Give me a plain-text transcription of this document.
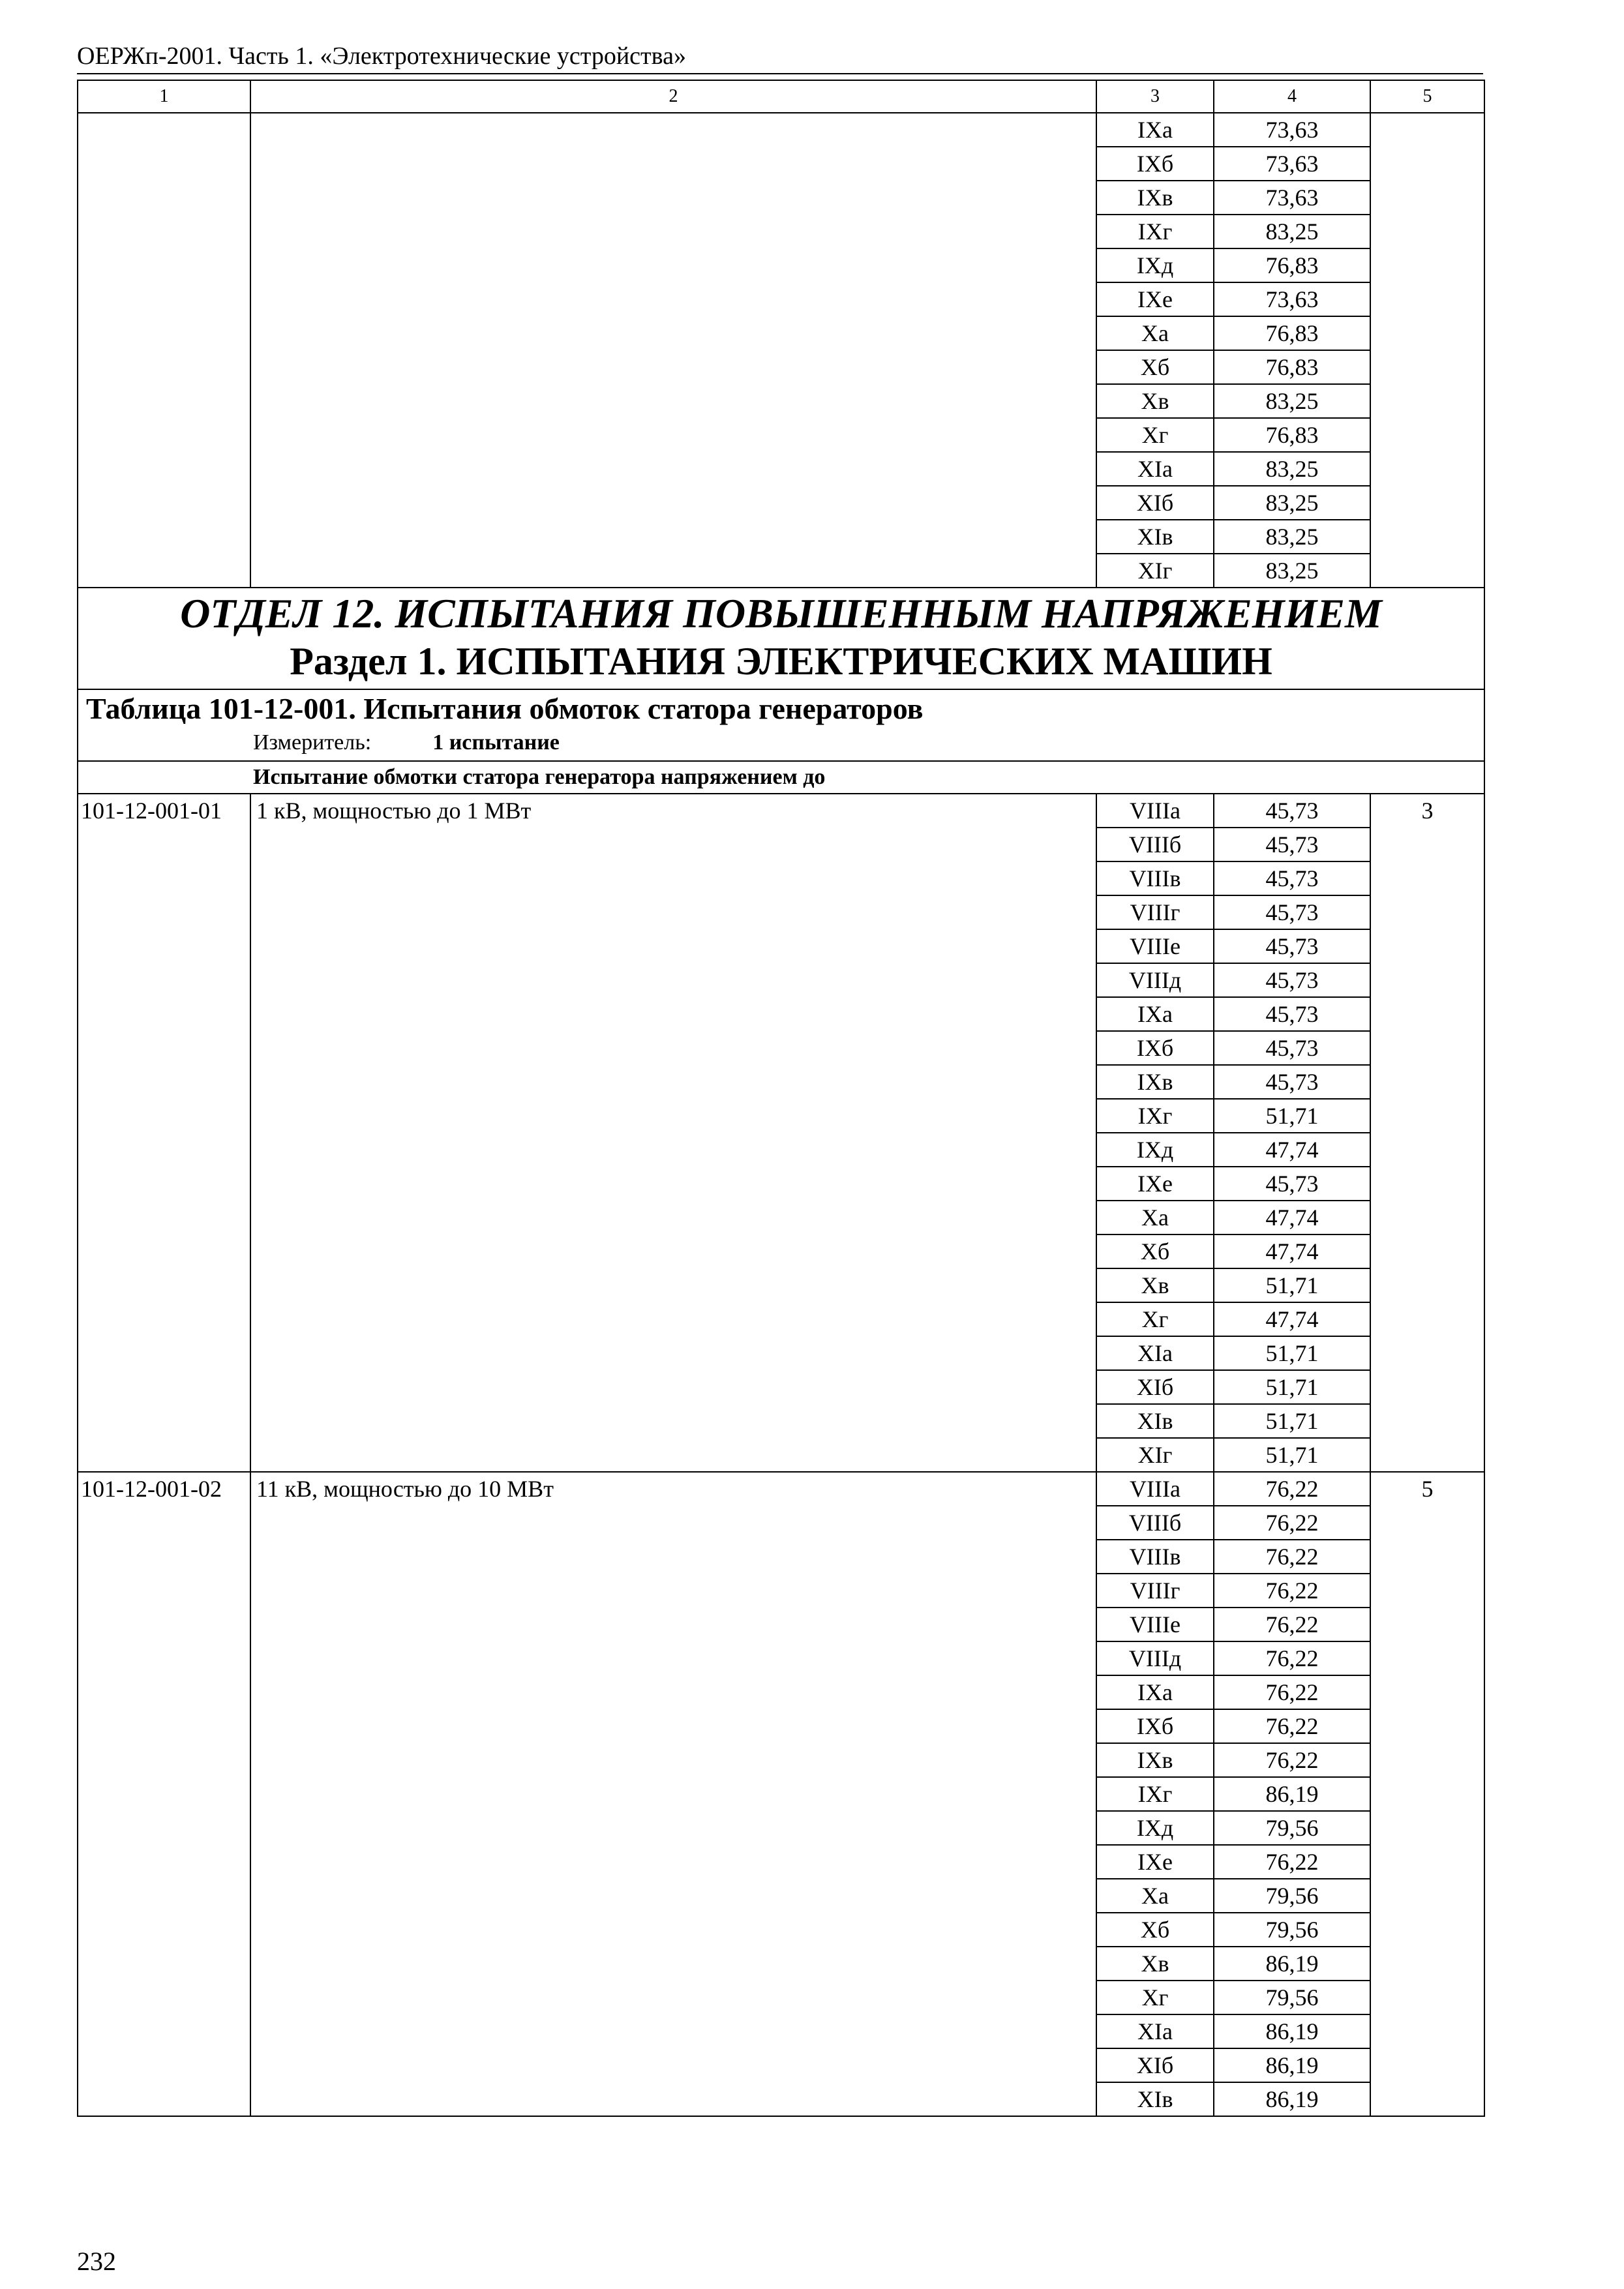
ОЕРЖп-2001. Часть 1. «Электротехнические устройства»
1	2	3	4	5
		IXа	73,63	
		IXб	73,63	
		IXв	73,63	
		IXг	83,25	
		IXд	76,83	
		IXе	73,63	
		Xа	76,83	
		Xб	76,83	
		Xв	83,25	
		Xг	76,83	
		XIа	83,25	
		XIб	83,25	
		XIв	83,25	
		XIг	83,25	

ОТДЕЛ 12. ИСПЫТАНИЯ ПОВЫШЕННЫМ НАПРЯЖЕНИЕМ
Раздел 1. ИСПЫТАНИЯ ЭЛЕКТРИЧЕСКИХ МАШИН				

Таблица 101-12-001. Испытания обмоток статора генераторов
Измеритель: 1 испытание				

Испытание обмотки статора генератора напряжением до				

101-12-001-01	1 кВ, мощностью до 1 МВт	VIIIа	45,73	3
		VIIIб	45,73	
		VIIIв	45,73	
		VIIIг	45,73	
		VIIIе	45,73	
		VIIIд	45,73	
		IXа	45,73	
		IXб	45,73	
		IXв	45,73	
		IXг	51,71	
		IXд	47,74	
		IXе	45,73	
		Xа	47,74	
		Xб	47,74	
		Xв	51,71	
		Xг	47,74	
		XIа	51,71	
		XIб	51,71	
		XIв	51,71	
		XIг	51,71	
101-12-001-02	11 кВ, мощностью до 10 МВт	VIIIа	76,22	5
		VIIIб	76,22	
		VIIIв	76,22	
		VIIIг	76,22	
		VIIIе	76,22	
		VIIIд	76,22	
		IXа	76,22	
		IXб	76,22	
		IXв	76,22	
		IXг	86,19	
		IXд	79,56	
		IXе	76,22	
		Xа	79,56	
		Xб	79,56	
		Xв	86,19	
		Xг	79,56	
		XIа	86,19	
		XIб	86,19	
		XIв	86,19	
232
